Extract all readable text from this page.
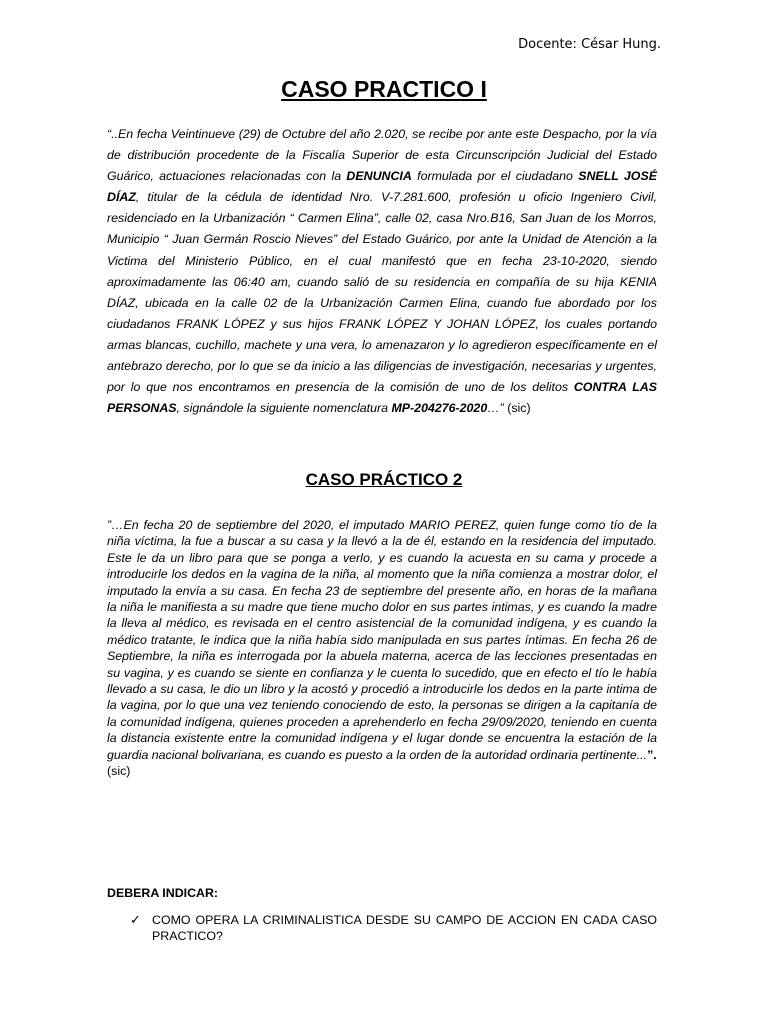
Docente: César Hung.
CASO PRACTICO I
“..En fecha Veintinueve (29) de Octubre del año 2.020, se recibe por ante este Despacho, por la vía de distribución procedente de la Fiscalía Superior de esta Circunscripción Judicial del Estado Guárico, actuaciones relacionadas con la DENUNCIA formulada por el ciudadano SNELL JOSÉ DÍAZ, titular de la cédula de identidad Nro. V-7.281.600, profesión u oficio Ingeniero Civil, residenciado en la Urbanización “ Carmen Elina”, calle 02, casa Nro.B16, San Juan de los Morros, Municipio “ Juan Germán Roscio Nieves” del Estado Guárico, por ante la Unidad de Atención a la Victima del Ministerio Público, en el cual manifestó que en fecha 23-10-2020, siendo aproximadamente las 06:40 am, cuando salió de su residencia en compañía de su hija KENIA DÍAZ, ubicada en la calle 02 de la Urbanización Carmen Elina, cuando fue abordado por los ciudadanos FRANK LÓPEZ y sus hijos FRANK LÓPEZ Y JOHAN LÓPEZ, los cuales portando armas blancas, cuchillo, machete y una vera, lo amenazaron y lo agredieron específicamente en el antebrazo derecho, por lo que se da inicio a las diligencias de investigación, necesarias y urgentes, por lo que nos encontramos en presencia de la comisión de uno de los delitos CONTRA LAS PERSONAS, signándole la siguiente nomenclatura MP-204276-2020…” (sic)
CASO PRÁCTICO 2
”…En fecha 20 de septiembre del 2020, el imputado MARIO PEREZ, quien funge como tío de la niña víctima, la fue a buscar a su casa y la llevó a la de él, estando en la residencia del imputado. Este le da un libro para que se ponga a verlo, y es cuando la acuesta en su cama y procede a introducirle los dedos en la vagina de la niña, al momento que la niña comienza a mostrar dolor, el imputado la envía a su casa. En fecha 23 de septiembre del presente año, en horas de la mañana la niña le manifiesta a su madre que tiene mucho dolor en sus partes intimas, y es cuando la madre la lleva al médico, es revisada en el centro asistencial de la comunidad indígena, y es cuando la médico tratante, le indica que la niña había sido manipulada en sus partes íntimas. En fecha 26 de Septiembre, la niña es interrogada por la abuela materna, acerca de las lecciones presentadas en su vagina, y es cuando se siente en confianza y le cuenta lo sucedido, que en efecto el tío le había llevado a su casa, le dio un libro y la acostó y procedió a introducirle los dedos en la parte intima de la vagina, por lo que una vez teniendo conociendo de esto, la personas se dirigen a la capitanía de la comunidad indígena, quienes proceden a aprehenderlo en fecha 29/09/2020, teniendo en cuenta la distancia existente entre la comunidad indígena y el lugar donde se encuentra la estación de la guardia nacional bolivariana, es cuando es puesto a la orden de la autoridad ordinaria pertinente...”.
(sic)
DEBERA INDICAR:
✓ COMO OPERA LA CRIMINALISTICA DESDE SU CAMPO DE ACCION EN CADA CASO PRACTICO?
